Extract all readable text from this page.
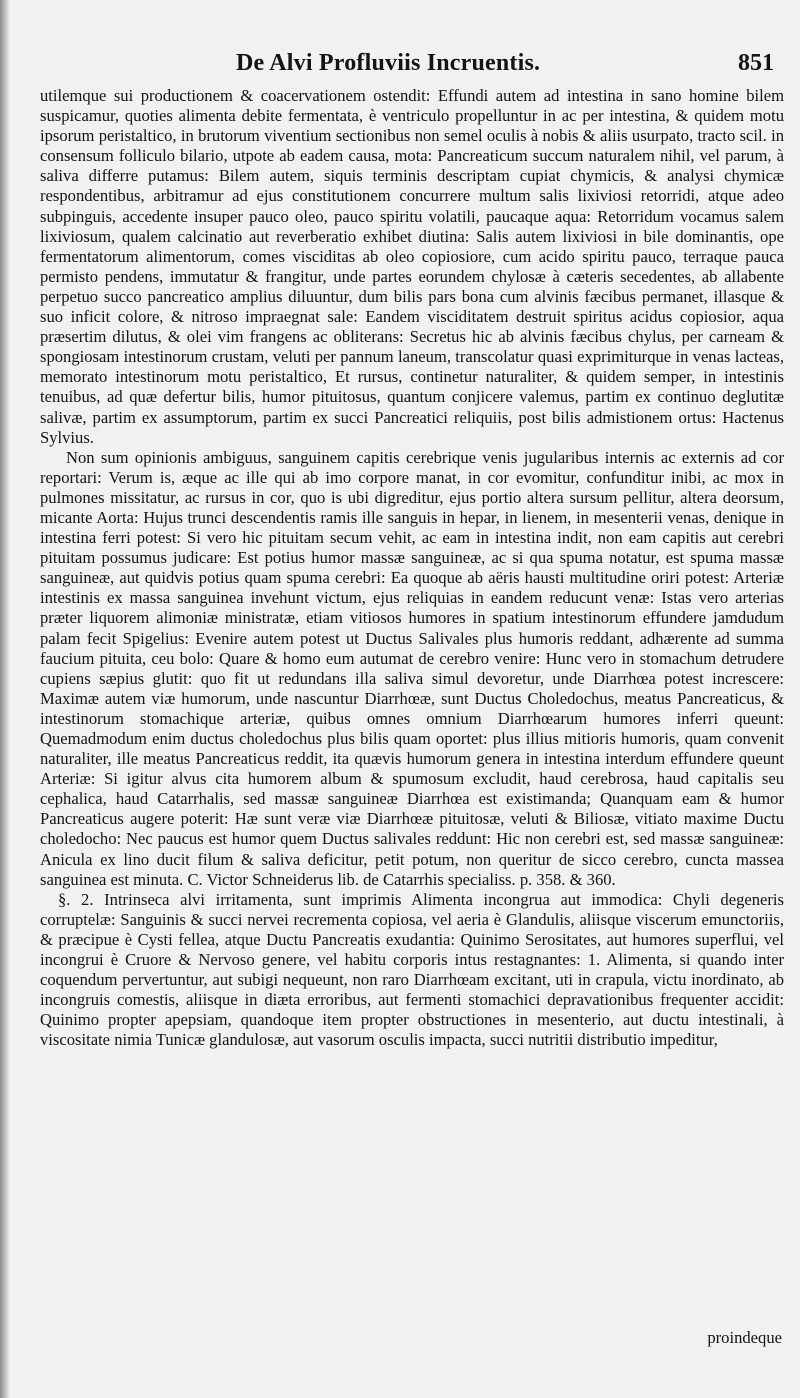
De Alvi Profluviis Incruentis.	851

utilemque sui productionem & coacervationem ostendit: Effundi autem ad intestina in sano homine bilem suspicamur, quoties alimenta debite fermentata, è ventriculo propelluntur in ac per intestina, & quidem motu ipsorum peristaltico, in brutorum viventium sectionibus non semel oculis à nobis & aliis usurpato, tracto scil. in consensum folliculo bilario, utpote ab eadem causa, mota: Pancreaticum succum naturalem nihil, vel parum, à saliva differre putamus: Bilem autem, siquis terminis descriptam cupiat chymicis, & analysi chymicæ respondentibus, arbitramur ad ejus constitutionem concurrere multum salis lixiviosi retorridi, atque adeo subpinguis, accedente insuper pauco oleo, pauco spiritu volatili, paucaque aqua: Retorridum vocamus salem lixiviosum, qualem calcinatio aut reverberatio exhibet diutina: Salis autem lixiviosi in bile dominantis, ope fermentatorum alimentorum, comes visciditas ab oleo copiosiore, cum acido spiritu pauco, terraque pauca permisto pendens, immutatur & frangitur, unde partes eorundem chylosæ à cæteris secedentes, ab allabente perpetuo succo pancreatico amplius diluuntur, dum bilis pars bona cum alvinis fæcibus permanet, illasque & suo inficit colore, & nitroso impraegnat sale: Eandem visciditatem destruit spiritus acidus copiosior, aqua præsertim dilutus, & olei vim frangens ac obliterans: Secretus hic ab alvinis fæcibus chylus, per carneam & spongiosam intestinorum crustam, veluti per pannum laneum, transcolatur quasi exprimiturque in venas lacteas, memorato intestinorum motu peristaltico, Et rursus, continetur naturaliter, & quidem semper, in intestinis tenuibus, ad quæ defertur bilis, humor pituitosus, quantum conjicere valemus, partim ex continuo deglutitæ salivæ, partim ex assumptorum, partim ex succi Pancreatici reliquiis, post bilis admistionem ortus: Hactenus Sylvius.

Non sum opinionis ambiguus, sanguinem capitis cerebrique venis jugularibus internis ac externis ad cor reportari: Verum is, æque ac ille qui ab imo corpore manat, in cor evomitur, confunditur inibi, ac mox in pulmones missitatur, ac rursus in cor, quo is ubi digreditur, ejus portio altera sursum pellitur, altera deorsum, micante Aorta: Hujus trunci descendentis ramis ille sanguis in hepar, in lienem, in mesenterii venas, denique in intestina ferri potest: Si vero hic pituitam secum vehit, ac eam in intestina indit, non eam capitis aut cerebri pituitam possumus judicare: Est potius humor massæ sanguineæ, ac si qua spuma notatur, est spuma massæ sanguineæ, aut quidvis potius quam spuma cerebri: Ea quoque ab aëris hausti multitudine oriri potest: Arteriæ intestinis ex massa sanguinea invehunt victum, ejus reliquias in eandem reducunt venæ: Istas vero arterias præter liquorem alimoniæ ministratæ, etiam vitiosos humores in spatium intestinorum effundere jamdudum palam fecit Spigelius: Evenire autem potest ut Ductus Salivales plus humoris reddant, adhærente ad summa faucium pituita, ceu bolo: Quare & homo eum autumat de cerebro venire: Hunc vero in stomachum detrudere cupiens sæpius glutit: quo fit ut redundans illa saliva simul devoretur, unde Diarrhœa potest increscere: Maximæ autem viæ humorum, unde nascuntur Diarrhœæ, sunt Ductus Choledochus, meatus Pancreaticus, & intestinorum stomachique arteriæ, quibus omnes omnium Diarrhœarum humores inferri queunt: Quemadmodum enim ductus choledochus plus bilis quam oportet: plus illius mitioris humoris, quam convenit naturaliter, ille meatus Pancreaticus reddit, ita quævis humorum genera in intestina interdum effundere queunt Arteriæ: Si igitur alvus cita humorem album & spumosum excludit, haud cerebrosa, haud capitalis seu cephalica, haud Catarrhalis, sed massæ sanguineæ Diarrhœa est existimanda; Quanquam eam & humor Pancreaticus augere poterit: Hæ sunt veræ viæ Diarrhœæ pituitosæ, veluti & Biliosæ, vitiato maxime Ductu choledocho: Nec paucus est humor quem Ductus salivales reddunt: Hic non cerebri est, sed massæ sanguineæ: Anicula ex lino ducit filum & saliva deficitur, petit potum, non queritur de sicco cerebro, cuncta massea sanguinea est minuta. C. Victor Schneiderus lib. de Catarrhis specialiss. p. 358. & 360.

§. 2. Intrinseca alvi irritamenta, sunt imprimis Alimenta incongrua aut immodica: Chyli degeneris corruptelæ: Sanguinis & succi nervei recrementa copiosa, vel aeria è Glandulis, aliisque viscerum emunctoriis, & præcipue è Cysti fellea, atque Ductu Pancreatis exudantia: Quinimo Serositates, aut humores superflui, vel incongrui è Cruore & Nervoso genere, vel habitu corporis intus restagnantes: 1. Alimenta, si quando inter coquendum pervertuntur, aut subigi nequeunt, non raro Diarrhœam excitant, uti in crapula, victu inordinato, ab incongruis comestis, aliisque in diæta erroribus, aut fermenti stomachici depravationibus frequenter accidit: Quinimo propter apepsiam, quandoque item propter obstructiones in mesenterio, aut ductu intestinali, à viscositate nimia Tunicæ glandulosæ, aut vasorum osculis impacta, succi nutritii distributio impeditur,

proindeque
